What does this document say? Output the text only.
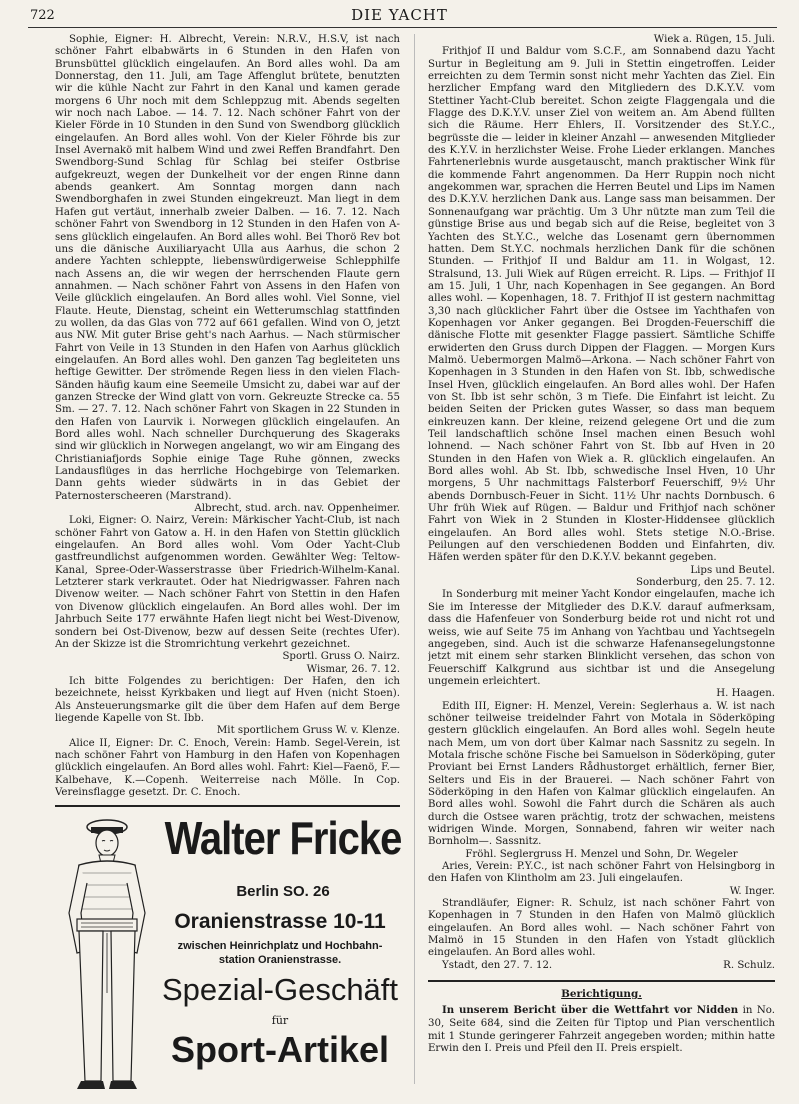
722	DIE YACHT

Sophie, Eigner: H. Albrecht, Verein: N.R.V., H.S.V, ist nach schöner Fahrt elbabwärts in 6 Stunden in den Hafen von Brunsbüttel glücklich eingelaufen. An Bord alles wohl. Da am Donnerstag, den 11. Juli, am Tage Affenglut brütete, benutzten wir die kühle Nacht zur Fahrt in den Kanal und kamen gerade morgens 6 Uhr noch mit dem Schleppzug mit. Abends segelten wir noch nach Laboe. — 14. 7. 12. Nach schöner Fahrt von der Kieler Förde in 10 Stunden in den Sund von Swendborg glücklich eingelaufen. An Bord alles wohl. Von der Kieler Föhrde bis zur Insel Avernakö mit halbem Wind und zwei Reffen Brandfahrt. Den Swendborg-Sund Schlag für Schlag bei steifer Ostbrise aufgekreuzt, wegen der Dunkelheit vor der engen Rinne dann abends geankert. Am Sonntag morgen dann nach Swendborghafen in zwei Stunden eingekreuzt. Man liegt in dem Hafen gut vertäut, innerhalb zweier Dalben. — 16. 7. 12. Nach schöner Fahrt von Swendborg in 12 Stunden in den Hafen von A-sens glücklich eingelaufen. An Bord alles wohl. Bei Thorö Rev bot uns die dänische Auxiliaryacht Ulla aus Aarhus, die schon 2 andere Yachten schleppte, liebenswürdigerweise Schlepphilfe nach Assens an, die wir wegen der herrschenden Flaute gern annahmen. — Nach schöner Fahrt von Assens in den Hafen von Veile glücklich eingelaufen. An Bord alles wohl. Viel Sonne, viel Flaute. Heute, Dienstag, scheint ein Wetterumschlag stattfinden zu wollen, da das Glas von 772 auf 661 gefallen. Wind von O, jetzt aus NW. Mit guter Brise geht's nach Aarhus. — Nach stürmischer Fahrt von Veile in 13 Stunden in den Hafen von Aarhus glücklich eingelaufen. An Bord alles wohl. Den ganzen Tag begleiteten uns heftige Gewitter. Der strömende Regen liess in den vielen Flach-Sänden häufig kaum eine Seemeile Umsicht zu, dabei war auf der ganzen Strecke der Wind glatt von vorn. Gekreuzte Strecke ca. 55 Sm. — 27. 7. 12. Nach schöner Fahrt von Skagen in 22 Stunden in den Hafen von Laurvik i. Norwegen glücklich eingelaufen. An Bord alles wohl. Nach schneller Durchquerung des Skageraks sind wir glücklich in Norwegen angelangt, wo wir am Eingang des Christianiafjords Sophie einige Tage Ruhe gönnen, zwecks Landausflüges in das herrliche Hochgebirge von Telemarken. Dann gehts wieder südwärts in in das Gebiet der Paternosterscheeren (Marstrand).

Albrecht, stud. arch. nav. Oppenheimer.

Loki, Eigner: O. Nairz, Verein: Märkischer Yacht-Club, ist nach schöner Fahrt von Gatow a. H. in den Hafen von Stettin glücklich eingelaufen. An Bord alles wohl. Vom Oder Yacht-Club gastfreundlichst aufgenommen worden. Gewählter Weg: Teltow-Kanal, Spree-Oder-Wasserstrasse über Friedrich-Wilhelm-Kanal. Letzterer stark verkrautet. Oder hat Niedrigwasser. Fahren nach Divenow weiter. — Nach schöner Fahrt von Stettin in den Hafen von Divenow glücklich eingelaufen. An Bord alles wohl. Der im Jahrbuch Seite 177 erwähnte Hafen liegt nicht bei West-Divenow, sondern bei Ost-Divenow, bezw auf dessen Seite (rechtes Ufer). An der Skizze ist die Stromrichtung verkehrt gezeichnet.

Sportl. Gruss O. Nairz.

Wismar, 26. 7. 12.

Ich bitte Folgendes zu berichtigen: Der Hafen, den ich bezeichnete, heisst Kyrkbaken und liegt auf Hven (nicht Stoen). Als Ansteuerungsmarke gilt die über dem Hafen auf dem Berge liegende Kapelle von St. Ibb.

Mit sportlichem Gruss W. v. Klenze.

Alice II, Eigner: Dr. C. Enoch, Verein: Hamb. Segel-Verein, ist nach schöner Fahrt von Hamburg in den Hafen von Kopenhagen glücklich eingelaufen. An Bord alles wohl. Fahrt: Kiel—Faenö, F.—Kalbehave, K.—Copenh. Weiterreise nach Mölle. In Cop. Vereinsflagge gesetzt. Dr. C. Enoch.

Walter Fricke
Berlin SO. 26
Oranienstrasse 10-11
zwischen Heinrichplatz und Hochbahn-
station Oranienstrasse.
Spezial-Geschäft
für
Sport-Artikel

Wiek a. Rügen, 15. Juli.

Frithjof II und Baldur vom S.C.F., am Sonnabend dazu Yacht Surtur in Begleitung am 9. Juli in Stettin eingetroffen. Leider erreichten zu dem Termin sonst nicht mehr Yachten das Ziel. Ein herzlicher Empfang ward den Mitgliedern des D.K.Y.V. vom Stettiner Yacht-Club bereitet. Schon zeigte Flaggengala und die Flagge des D.K.Y.V. unser Ziel von weitem an. Am Abend füllten sich die Räume. Herr Ehlers, II. Vorsitzender des St.Y.C., begrüsste die — leider in kleiner Anzahl — anwesenden Mitglieder des K.Y.V. in herzlichster Weise. Frohe Lieder erklangen. Manches Fahrtenerlebnis wurde ausgetauscht, manch praktischer Wink für die kommende Fahrt angenommen. Da Herr Ruppin noch nicht angekommen war, sprachen die Herren Beutel und Lips im Namen des D.K.Y.V. herzlichen Dank aus. Lange sass man beisammen. Der Sonnenaufgang war prächtig. Um 3 Uhr nützte man zum Teil die günstige Brise aus und begab sich auf die Reise, begleitet von 3 Yachten des St.Y.C., welche das Losenamt gern übernommen hatten. Dem St.Y.C. nochmals herzlichen Dank für die schönen Stunden. — Frithjof II und Baldur am 11. in Wolgast, 12. Stralsund, 13. Juli Wiek auf Rügen erreicht. R. Lips. — Frithjof II am 15. Juli, 1 Uhr, nach Kopenhagen in See gegangen. An Bord alles wohl. — Kopenhagen, 18. 7. Frithjof II ist gestern nachmittag 3,30 nach glücklicher Fahrt über die Ostsee im Yachthafen von Kopenhagen vor Anker gegangen. Bei Drogden-Feuerschiff die dänische Flotte mit gesenkter Flagge passiert. Sämtliche Schiffe erwiderten den Gruss durch Dippen der Flaggen. — Morgen Kurs Malmö. Uebermorgen Malmö—Arkona. — Nach schöner Fahrt von Kopenhagen in 3 Stunden in den Hafen von St. Ibb, schwedische Insel Hven, glücklich eingelaufen. An Bord alles wohl. Der Hafen von St. Ibb ist sehr schön, 3 m Tiefe. Die Einfahrt ist leicht. Zu beiden Seiten der Pricken gutes Wasser, so dass man bequem einkreuzen kann. Der kleine, reizend gelegene Ort und die zum Teil landschaftlich schöne Insel machen einen Besuch wohl lohnend. — Nach schöner Fahrt von St. Ibb auf Hven in 20 Stunden in den Hafen von Wiek a. R. glücklich eingelaufen. An Bord alles wohl. Ab St. Ibb, schwedische Insel Hven, 10 Uhr morgens, 5 Uhr nachmittags Falsterborf Feuerschiff, 9½ Uhr abends Dornbusch-Feuer in Sicht. 11½ Uhr nachts Dornbusch. 6 Uhr früh Wiek auf Rügen. — Baldur und Frithjof nach schöner Fahrt von Wiek in 2 Stunden in Kloster-Hiddensee glücklich eingelaufen. An Bord alles wohl. Stets stetige N.O.-Brise. Peilungen auf den verschiedenen Bodden und Einfahrten, div. Häfen werden später für den D.K.Y.V. bekannt gegeben.

Lips und Beutel.

Sonderburg, den 25. 7. 12.

In Sonderburg mit meiner Yacht Kondor eingelaufen, mache ich Sie im Interesse der Mitglieder des D.K.V. darauf aufmerksam, dass die Hafenfeuer von Sonderburg beide rot und nicht rot und weiss, wie auf Seite 75 im Anhang von Yachtbau und Yachtsegeln angegeben, sind. Auch ist die schwarze Hafenansegelungstonne jetzt mit einem sehr starken Blinklicht versehen, das schon von Feuerschiff Kalkgrund aus sichtbar ist und die Ansegelung ungemein erleichtert.

H. Haagen.

Edith III, Eigner: H. Menzel, Verein: Seglerhaus a. W. ist nach schöner teilweise treidelnder Fahrt von Motala in Söderköping gestern glücklich eingelaufen. An Bord alles wohl. Segeln heute nach Mem, um von dort über Kalmar nach Sassnitz zu segeln. In Motala frische schöne Fische bei Samuelson in Söderköping, guter Proviant bei Ernst Landers Rådhustorget erhältlich, ferner Bier, Selters und Eis in der Brauerei. — Nach schöner Fahrt von Söderköping in den Hafen von Kalmar glücklich eingelaufen. An Bord alles wohl. Sowohl die Fahrt durch die Schären als auch durch die Ostsee waren prächtig, trotz der schwachen, meistens widrigen Winde. Morgen, Sonnabend, fahren wir weiter nach Bornholm—. Sassnitz.

Fröhl. Seglergruss H. Menzel und Sohn, Dr. Wegeler

Aries, Verein: P.Y.C., ist nach schöner Fahrt von Helsingborg in den Hafen von Klintholm am 23. Juli eingelaufen.

W. Inger.

Strandläufer, Eigner: R. Schulz, ist nach schöner Fahrt von Kopenhagen in 7 Stunden in den Hafen von Malmö glücklich eingelaufen. An Bord alles wohl. — Nach schöner Fahrt von Malmö in 15 Stunden in den Hafen von Ystadt glücklich eingelaufen. An Bord alles wohl.

Ystadt, den 27. 7. 12.	R. Schulz.
Berichtigung.
In unserem Bericht über die Wettfahrt vor Nidden in No. 30, Seite 684, sind die Zeiten für Tiptop und Pian verschentlich mit 1 Stunde geringerer Fahrzeit angegeben worden; mithin hatte Erwin den I. Preis und Pfeil den II. Preis erspielt.
